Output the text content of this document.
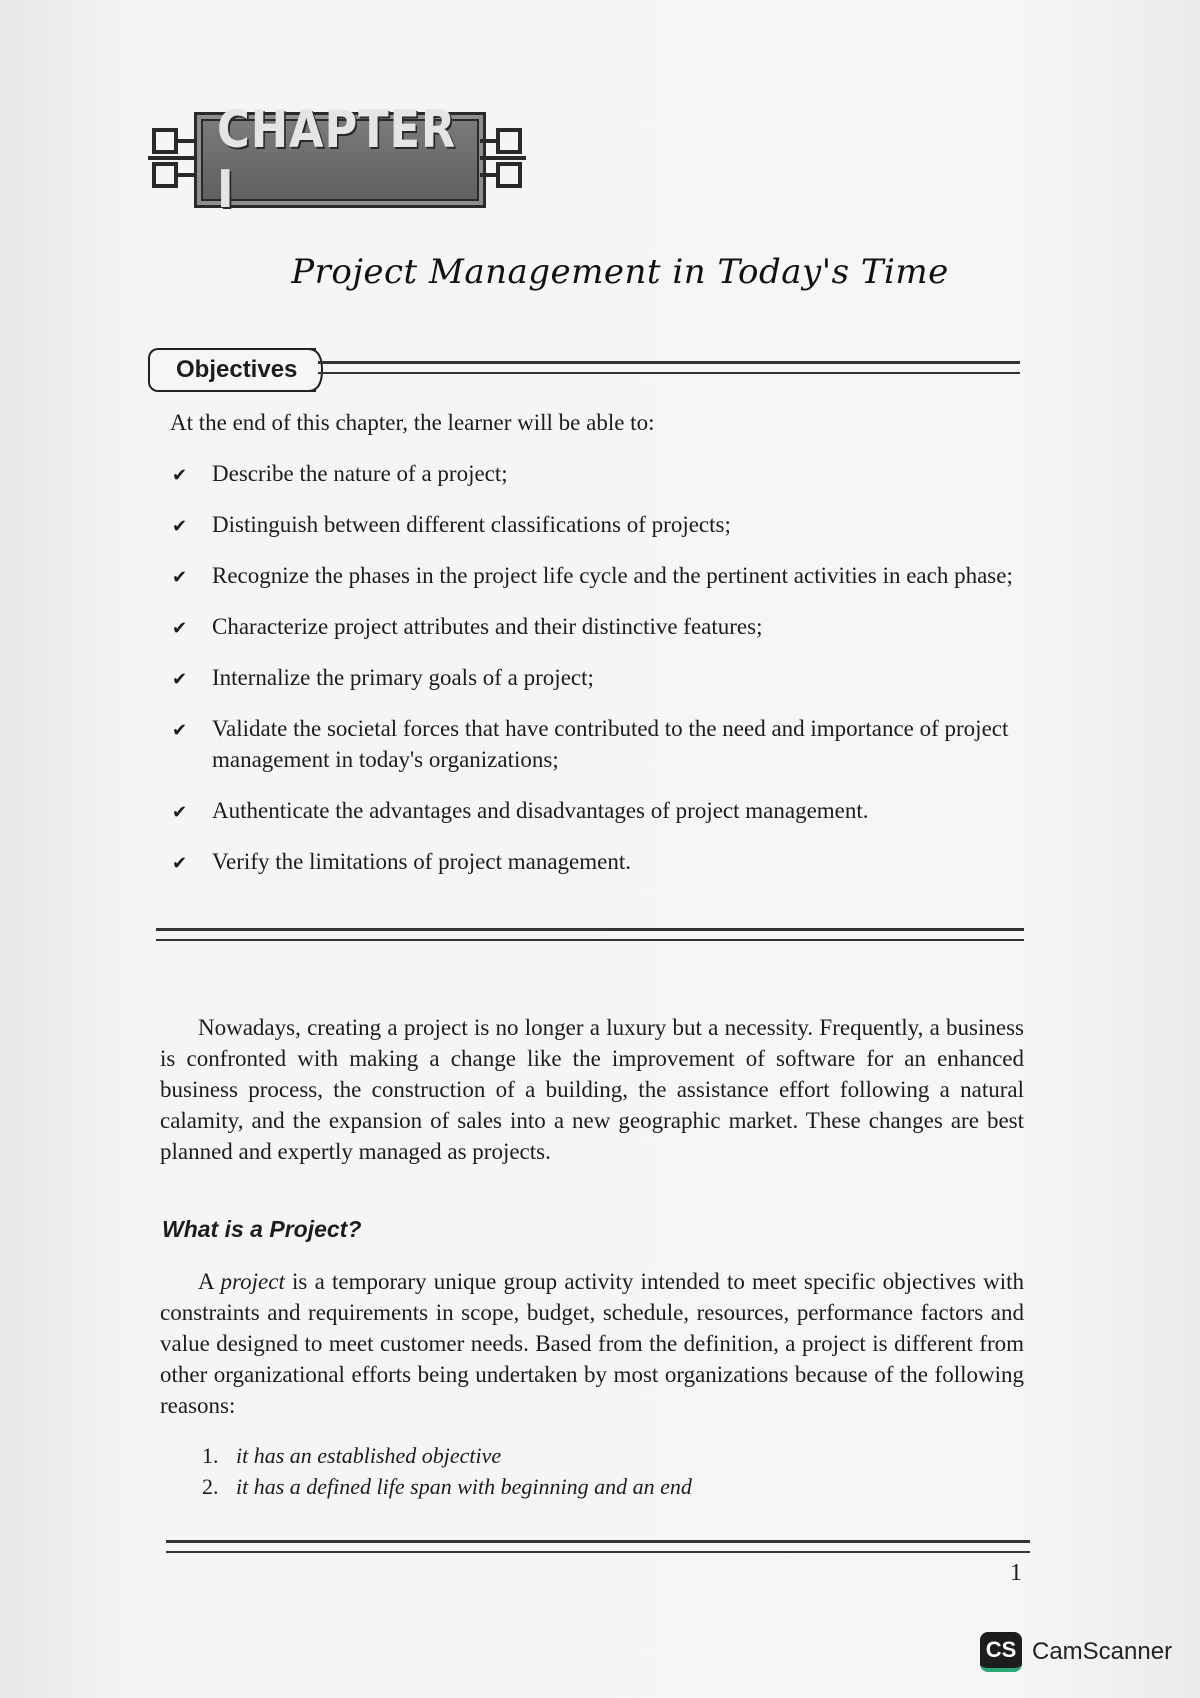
CHAPTER I
Project Management in Today's Time
Objectives
At the end of this chapter, the learner will be able to:
✔ Describe the nature of a project;
✔ Distinguish between different classifications of projects;
✔ Recognize the phases in the project life cycle and the pertinent activities in each phase;
✔ Characterize project attributes and their distinctive features;
✔ Internalize the primary goals of a project;
✔ Validate the societal forces that have contributed to the need and importance of project management in today's organizations;
✔ Authenticate the advantages and disadvantages of project management.
✔ Verify the limitations of project management.
Nowadays, creating a project is no longer a luxury but a necessity. Frequently, a business is confronted with making a change like the improvement of software for an enhanced business process, the construction of a building, the assistance effort following a natural calamity, and the expansion of sales into a new geographic market. These changes are best planned and expertly managed as projects.
What is a Project?
A project is a temporary unique group activity intended to meet specific objectives with constraints and requirements in scope, budget, schedule, resources, performance factors and value designed to meet customer needs. Based from the definition, a project is different from other organizational efforts being undertaken by most organizations because of the following reasons:
1. it has an established objective
2. it has a defined life span with beginning and an end
1
CS CamScanner
